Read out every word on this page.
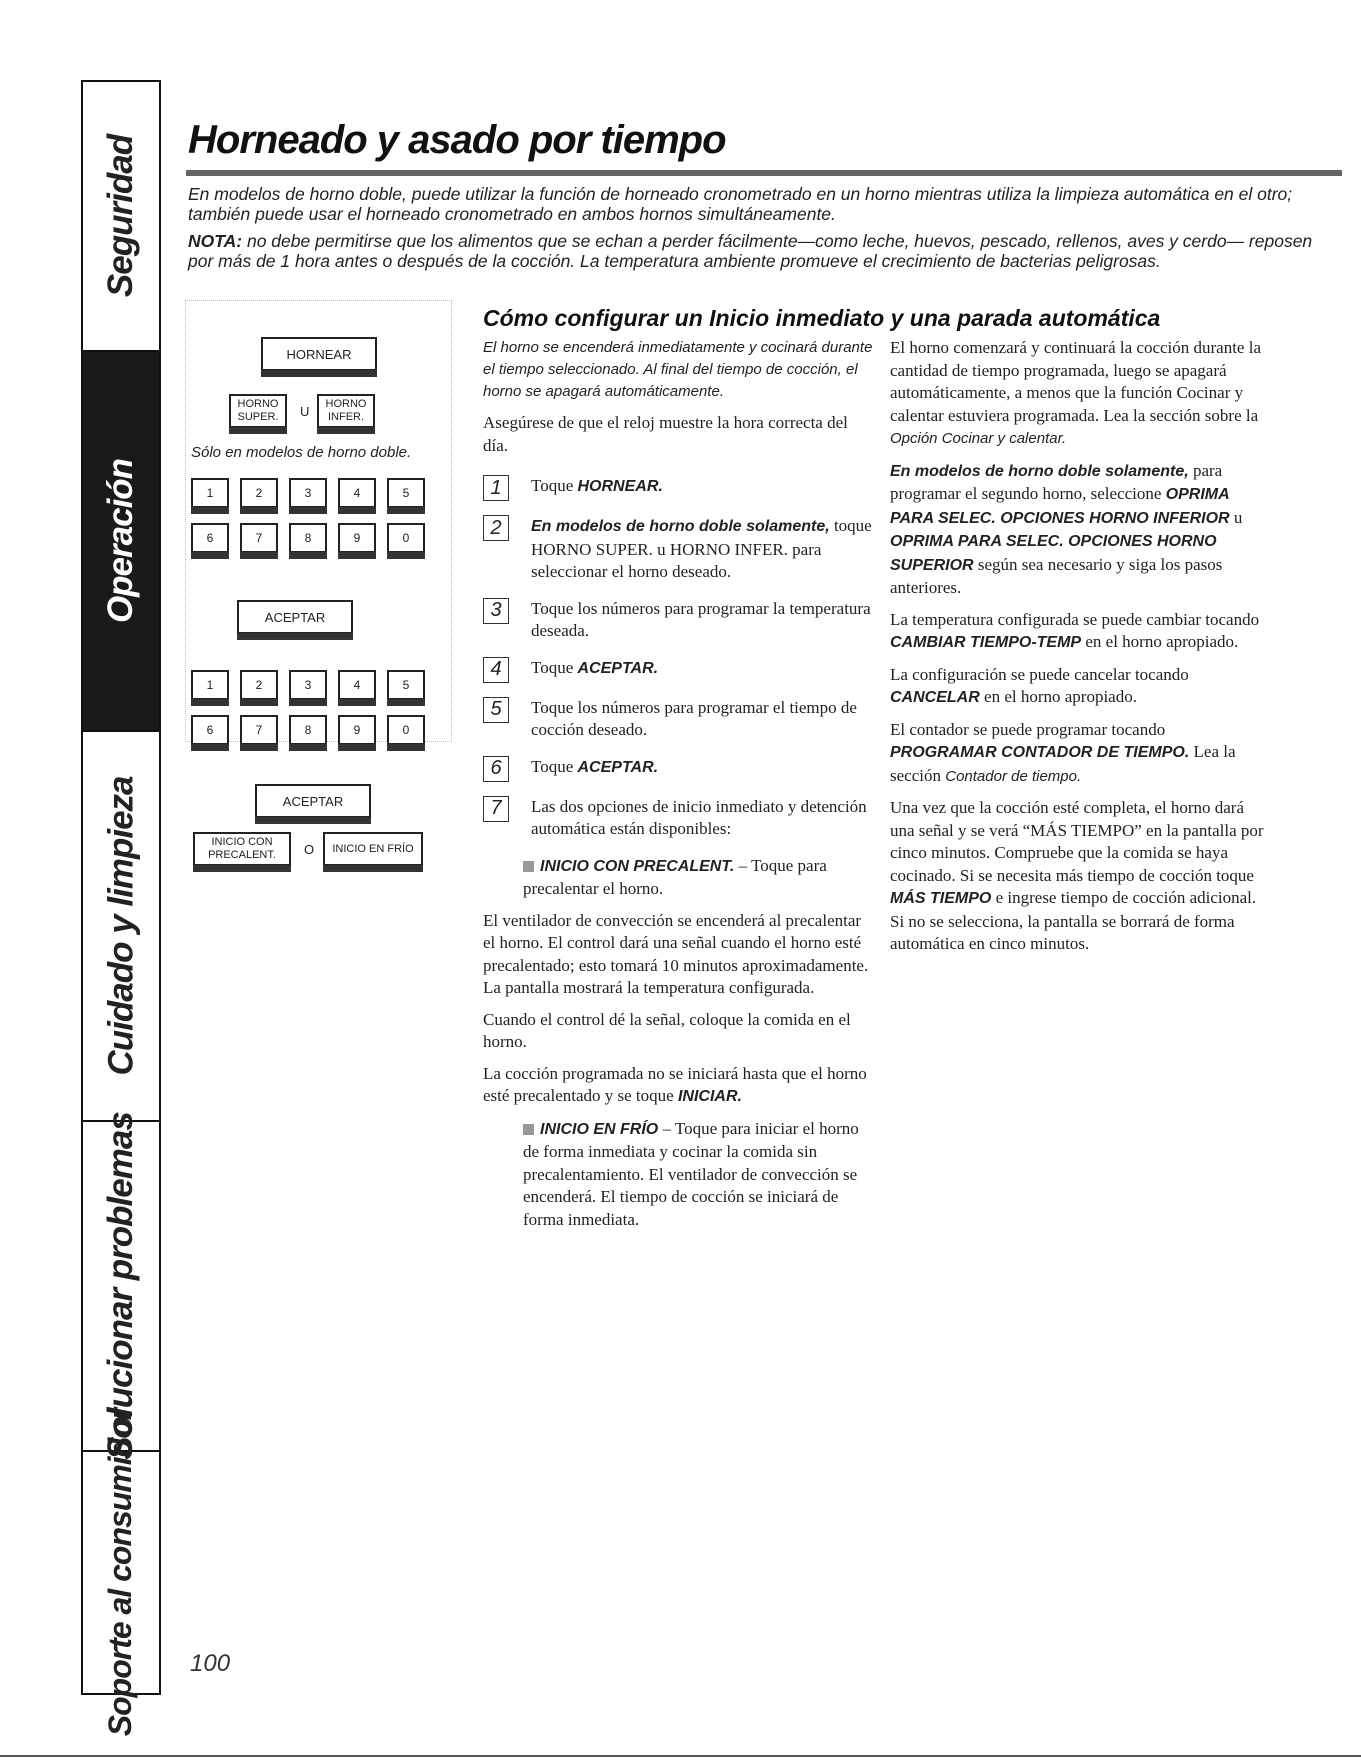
Seguridad
Operación
Cuidado y limpieza
Solucionar problemas
Soporte al consumidor
Horneado y asado por tiempo

En modelos de horno doble, puede utilizar la función de horneado cronometrado en un horno mientras utiliza la limpieza automática en el otro; también puede usar el horneado cronometrado en ambos hornos simultáneamente.

NOTA: no debe permitirse que los alimentos que se echan a perder fácilmente—como leche, huevos, pescado, rellenos, aves y cerdo— reposen por más de 1 hora antes o después de la cocción. La temperatura ambiente promueve el crecimiento de bacterias peligrosas.

HORNEAR
HORNO SUPER.	U	HORNO INFER.
Sólo en modelos de horno doble.
1	2	3	4	5
6	7	8	9	0
ACEPTAR
1	2	3	4	5
6	7	8	9	0
ACEPTAR
INICIO CON PRECALENT.	O	INICIO EN FRÍO
Cómo configurar un Inicio inmediato y una parada automática

El horno se encenderá inmediatamente y cocinará durante el tiempo seleccionado. Al final del tiempo de cocción, el horno se apagará automáticamente.

Asegúrese de que el reloj muestre la hora correcta del día.

1	Toque HORNEAR.
2	En modelos de horno doble solamente, toque HORNO SUPER. u HORNO INFER. para seleccionar el horno deseado.
3	Toque los números para programar la temperatura deseada.
4	Toque ACEPTAR.
5	Toque los números para programar el tiempo de cocción deseado.
6	Toque ACEPTAR.
7	Las dos opciones de inicio inmediato y detención automática están disponibles:

INICIO CON PRECALENT. – Toque para precalentar el horno.

El ventilador de convección se encenderá al precalentar el horno. El control dará una señal cuando el horno esté precalentado; esto tomará 10 minutos aproximadamente. La pantalla mostrará la temperatura configurada.

Cuando el control dé la señal, coloque la comida en el horno.

La cocción programada no se iniciará hasta que el horno esté precalentado y se toque INICIAR.

INICIO EN FRÍO – Toque para iniciar el horno de forma inmediata y cocinar la comida sin precalentamiento. El ventilador de convección se encenderá. El tiempo de cocción se iniciará de forma inmediata.

El horno comenzará y continuará la cocción durante la cantidad de tiempo programada, luego se apagará automáticamente, a menos que la función Cocinar y calentar estuviera programada. Lea la sección sobre la Opción Cocinar y calentar.

En modelos de horno doble solamente, para programar el segundo horno, seleccione OPRIMA PARA SELEC. OPCIONES HORNO INFERIOR u OPRIMA PARA SELEC. OPCIONES HORNO SUPERIOR según sea necesario y siga los pasos anteriores.

La temperatura configurada se puede cambiar tocando CAMBIAR TIEMPO-TEMP en el horno apropiado.

La configuración se puede cancelar tocando CANCELAR en el horno apropiado.

El contador se puede programar tocando PROGRAMAR CONTADOR DE TIEMPO. Lea la sección Contador de tiempo.

Una vez que la cocción esté completa, el horno dará una señal y se verá “MÁS TIEMPO” en la pantalla por cinco minutos. Compruebe que la comida se haya cocinado. Si se necesita más tiempo de cocción toque MÁS TIEMPO e ingrese tiempo de cocción adicional. Si no se selecciona, la pantalla se borrará de forma automática en cinco minutos.

100
